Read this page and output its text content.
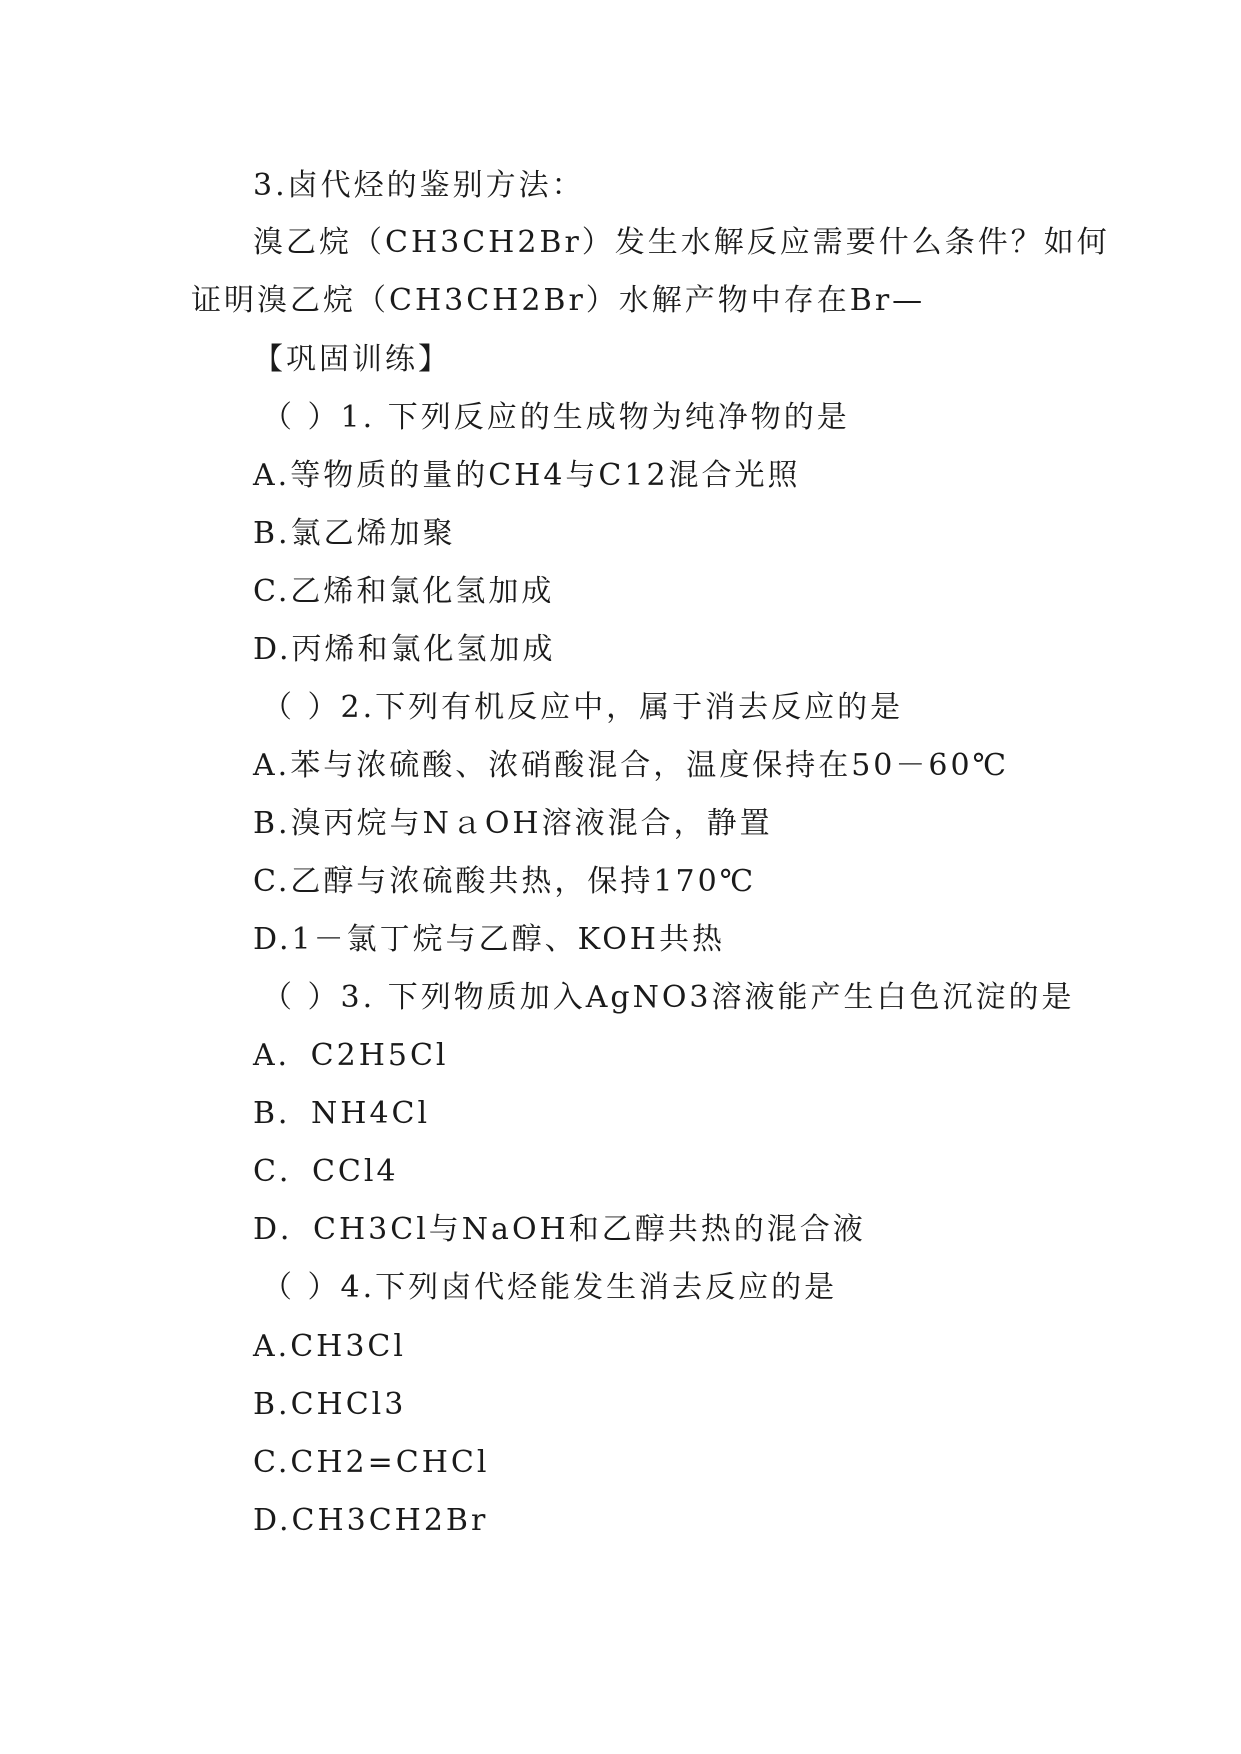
3.卤代烃的鉴别方法：
溴乙烷（CH3CH2Br）发生水解反应需要什么条件？如何
证明溴乙烷（CH3CH2Br）水解产物中存在Br—
【巩固训练】
（ ）1. 下列反应的生成物为纯净物的是
A.等物质的量的CH4与C12混合光照
B.氯乙烯加聚
C.乙烯和氯化氢加成
D.丙烯和氯化氢加成
（ ）2.下列有机反应中，属于消去反应的是
A.苯与浓硫酸、浓硝酸混合，温度保持在50－60℃
B.溴丙烷与NａOH溶液混合，静置
C.乙醇与浓硫酸共热，保持170℃
D.1－氯丁烷与乙醇、KOH共热
（ ）3. 下列物质加入AgNO3溶液能产生白色沉淀的是
A．C2H5Cl
B．NH4Cl
C．CCl4
D．CH3Cl与NaOH和乙醇共热的混合液
（ ）4.下列卤代烃能发生消去反应的是
A.CH3Cl
B.CHCl3
C.CH2=CHCl
D.CH3CH2Br
